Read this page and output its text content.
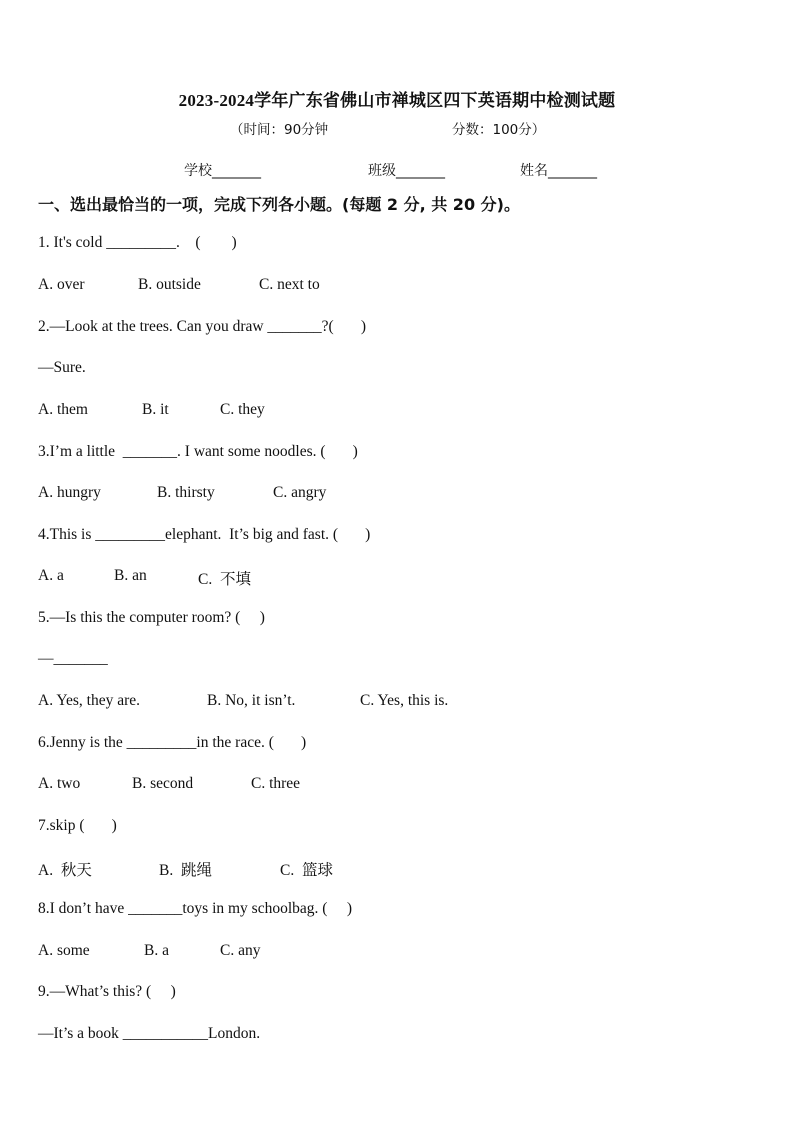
2023-2024学年广东省佛山市禅城区四下英语期中检测试题
（时间：90分钟	分数：100分）
学校_______	班级_______	姓名_______
一、选出最恰当的一项，完成下列各小题。(每题 2 分, 共 20 分)。
1. It's cold _________.    (        )
A. over	B. outside	C. next to
2.—Look at the trees. Can you draw _______?(       )
—Sure.
A. them	B. it	C. they
3.I’m a little  _______. I want some noodles. (       )
A. hungry	B. thirsty	C. angry
4.This is _________elephant.  It’s big and fast. (       )
A. a	B. an	C.  不填
5.—Is this the computer room? (     )
—_______
A. Yes, they are.	B. No, it isn’t.	C. Yes, this is.
6.Jenny is the _________in the race. (       )
A. two	B. second	C. three
7.skip (       )
A.  秋天	B.  跳绳	C.  篮球
8.I don’t have _______toys in my schoolbag. (     )
A. some	B. a	C. any
9.—What’s this? (     )
—It’s a book ___________London.
